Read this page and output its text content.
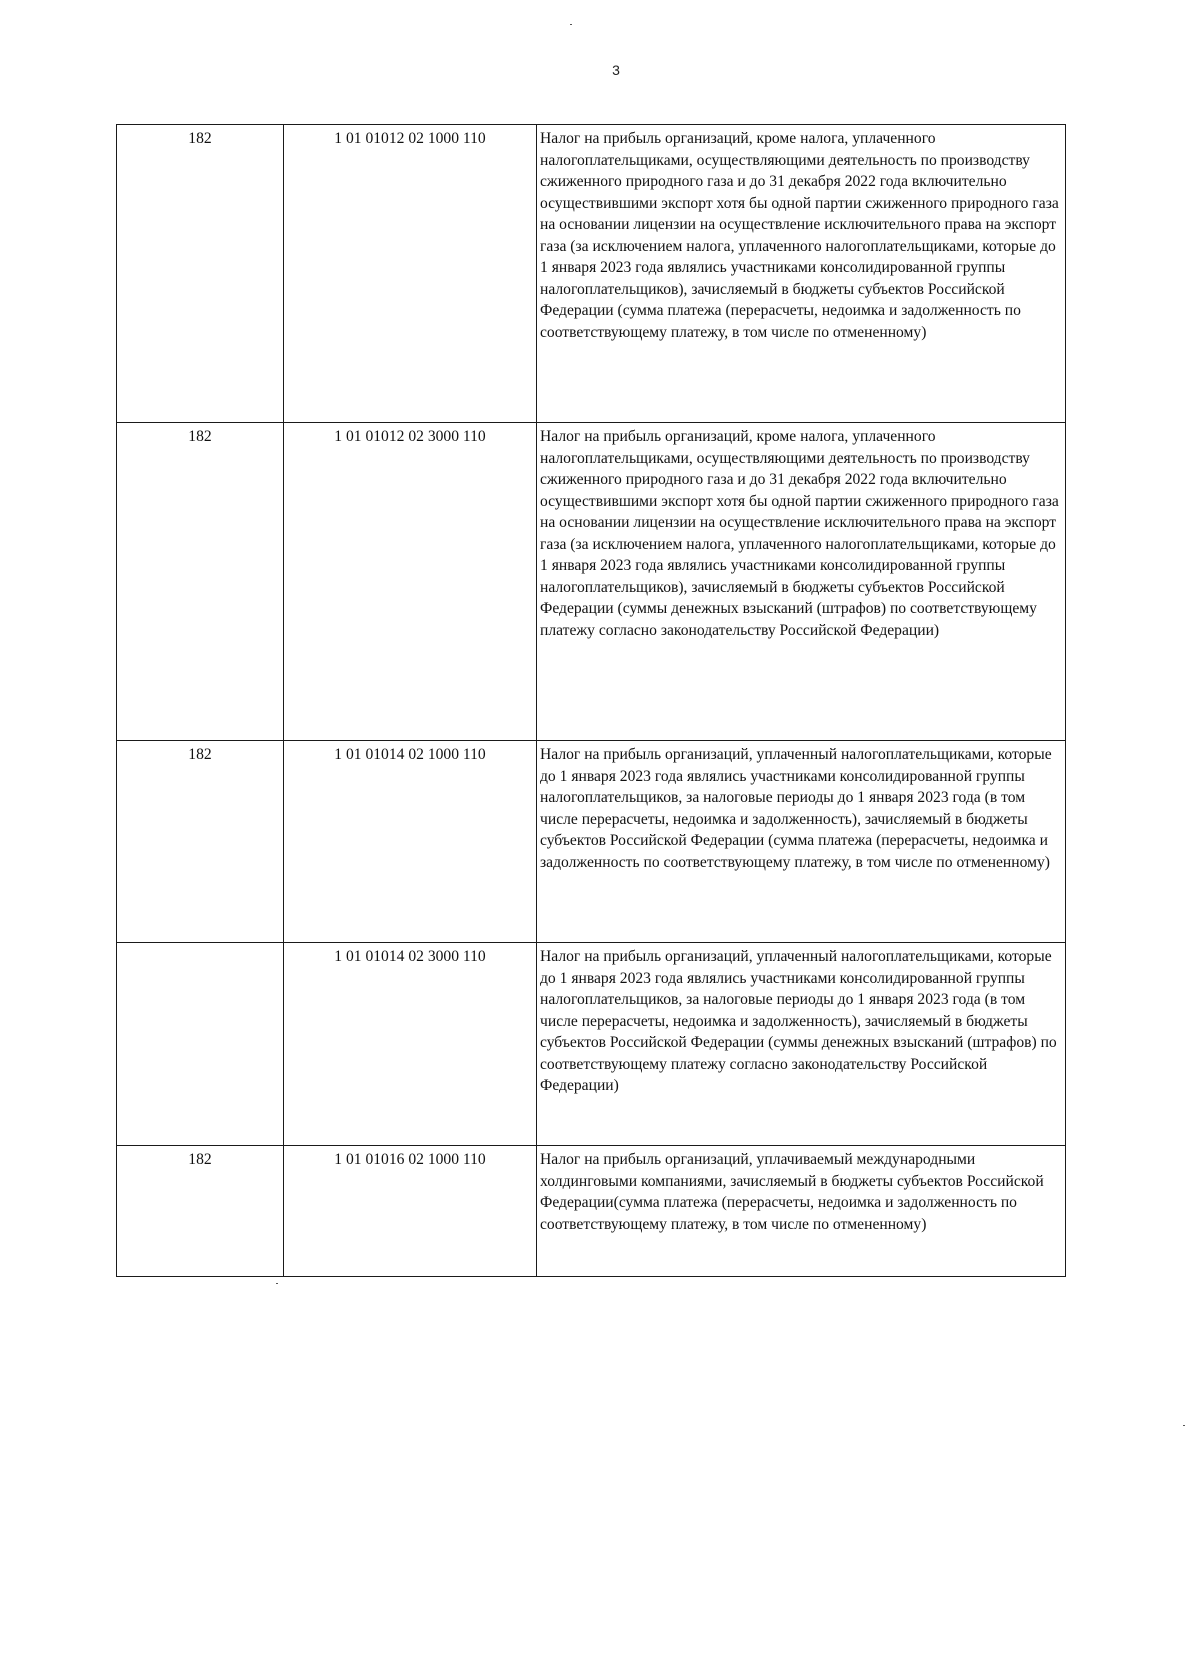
3
182	1 01 01012 02 1000 110	Налог на прибыль организаций, кроме налога, уплаченного налогоплательщиками, осуществляющими деятельность по производству сжиженного природного газа и до 31 декабря 2022 года включительно осуществившими экспорт хотя бы одной партии сжиженного природного газа на основании лицензии на осуществление исключительного права на экспорт газа (за исключением налога, уплаченного налогоплательщиками, которые до 1 января 2023 года являлись участниками консолидированной группы налогоплательщиков), зачисляемый в бюджеты субъектов Российской Федерации (сумма платежа (перерасчеты, недоимка и задолженность по соответствующему платежу, в том числе по отмененному)
182	1 01 01012 02 3000 110	Налог на прибыль организаций, кроме налога, уплаченного налогоплательщиками, осуществляющими деятельность по производству сжиженного природного газа и до 31 декабря 2022 года включительно осуществившими экспорт хотя бы одной партии сжиженного природного газа на основании лицензии на осуществление исключительного права на экспорт газа (за исключением налога, уплаченного налогоплательщиками, которые до 1 января 2023 года являлись участниками консолидированной группы налогоплательщиков), зачисляемый в бюджеты субъектов Российской Федерации (суммы денежных взысканий (штрафов) по соответствующему платежу согласно законодательству Российской Федерации)
182	1 01 01014 02 1000 110	Налог на прибыль организаций, уплаченный налогоплательщиками, которые до 1 января 2023 года являлись участниками консолидированной группы налогоплательщиков, за налоговые периоды до 1 января 2023 года (в том числе перерасчеты, недоимка и задолженность), зачисляемый в бюджеты субъектов Российской Федерации (сумма платежа (перерасчеты, недоимка и задолженность по соответствующему платежу, в том числе по отмененному)
	1 01 01014 02 3000 110	Налог на прибыль организаций, уплаченный налогоплательщиками, которые до 1 января 2023 года являлись участниками консолидированной группы налогоплательщиков, за налоговые периоды до 1 января 2023 года (в том числе перерасчеты, недоимка и задолженность), зачисляемый в бюджеты субъектов Российской Федерации (суммы денежных взысканий (штрафов) по соответствующему платежу согласно законодательству Российской Федерации)
182	1 01 01016 02 1000 110	Налог на прибыль организаций, уплачиваемый международными холдинговыми компаниями, зачисляемый в бюджеты субъектов Российской Федерации(сумма платежа (перерасчеты, недоимка и задолженность по соответствующему платежу, в том числе по отмененному)
